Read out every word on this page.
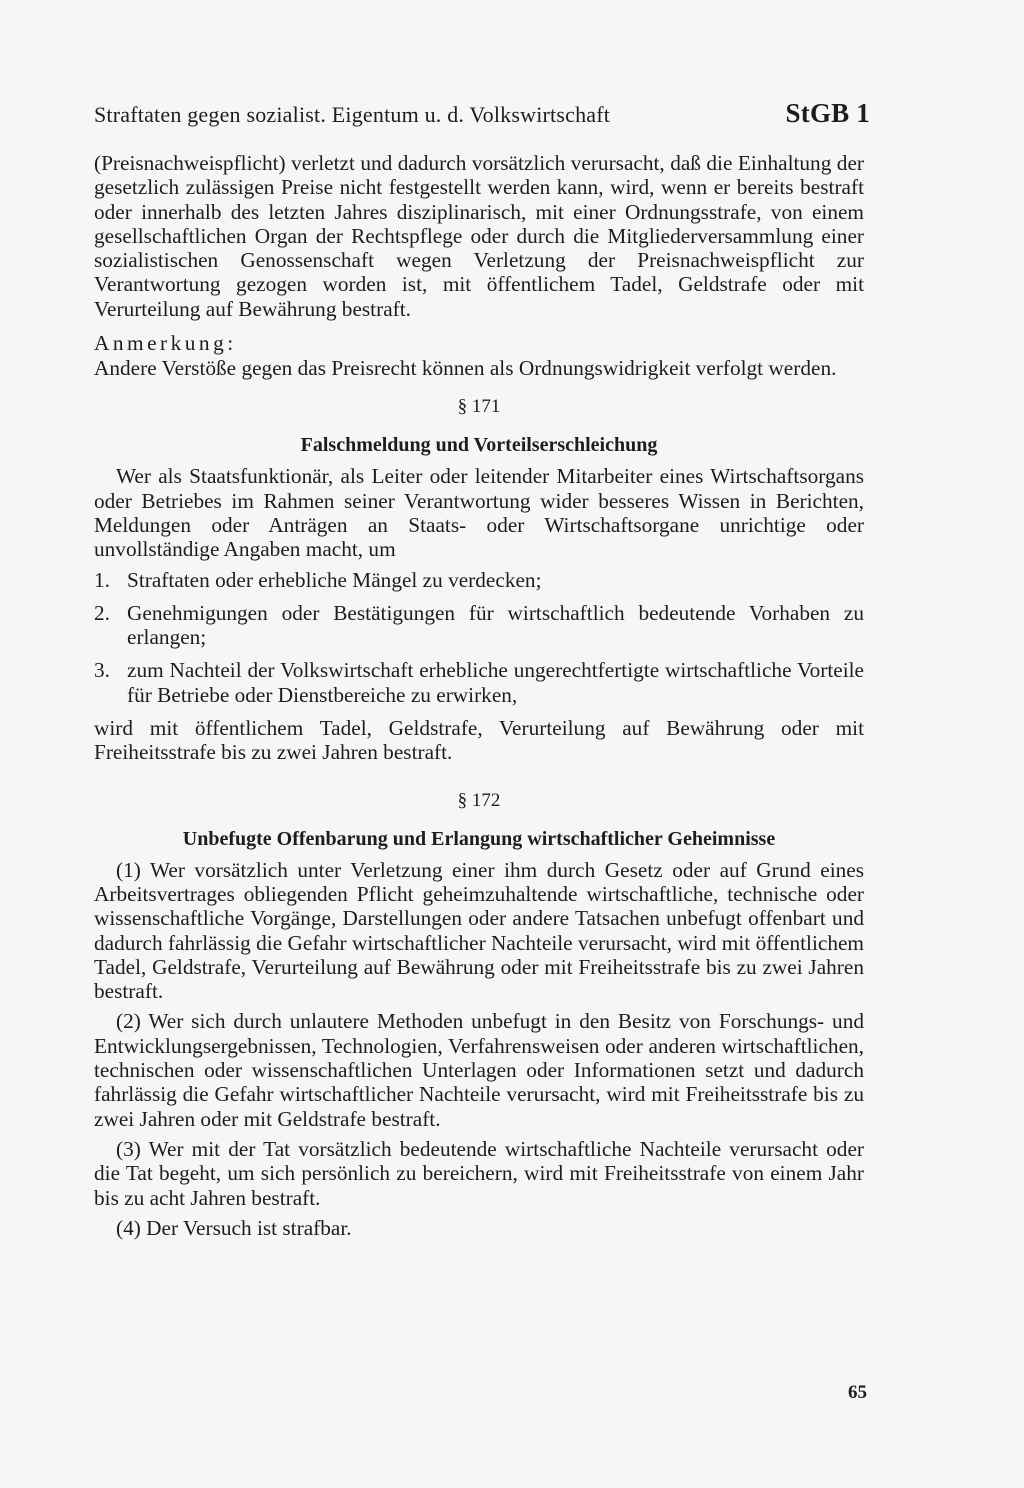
Straftaten gegen sozialist. Eigentum u. d. Volkswirtschaft	StGB 1

(Preisnachweispflicht) verletzt und dadurch vorsätzlich verursacht, daß die Einhaltung der gesetzlich zulässigen Preise nicht festgestellt werden kann, wird, wenn er bereits bestraft oder innerhalb des letzten Jahres disziplinarisch, mit einer Ordnungsstrafe, von einem gesellschaftlichen Organ der Rechtspflege oder durch die Mitgliederversammlung einer sozialistischen Genossenschaft wegen Verletzung der Preisnachweispflicht zur Verantwortung gezogen worden ist, mit öffentlichem Tadel, Geldstrafe oder mit Verurteilung auf Bewährung bestraft.

Anmerkung:

Andere Verstöße gegen das Preisrecht können als Ordnungswidrigkeit verfolgt werden.

§ 171

Falschmeldung und Vorteilserschleichung

Wer als Staatsfunktionär, als Leiter oder leitender Mitarbeiter eines Wirtschaftsorgans oder Betriebes im Rahmen seiner Verantwortung wider besseres Wissen in Berichten, Meldungen oder Anträgen an Staats- oder Wirtschaftsorgane unrichtige oder unvollständige Angaben macht, um

1. Straftaten oder erhebliche Mängel zu verdecken;
2. Genehmigungen oder Bestätigungen für wirtschaftlich bedeutende Vorhaben zu erlangen;
3. zum Nachteil der Volkswirtschaft erhebliche ungerechtfertigte wirtschaftliche Vorteile für Betriebe oder Dienstbereiche zu erwirken,

wird mit öffentlichem Tadel, Geldstrafe, Verurteilung auf Bewährung oder mit Freiheitsstrafe bis zu zwei Jahren bestraft.

§ 172

Unbefugte Offenbarung und Erlangung wirtschaftlicher Geheimnisse

(1) Wer vorsätzlich unter Verletzung einer ihm durch Gesetz oder auf Grund eines Arbeitsvertrages obliegenden Pflicht geheimzuhaltende wirtschaftliche, technische oder wissenschaftliche Vorgänge, Darstellungen oder andere Tatsachen unbefugt offenbart und dadurch fahrlässig die Gefahr wirtschaftlicher Nachteile verursacht, wird mit öffentlichem Tadel, Geldstrafe, Verurteilung auf Bewährung oder mit Freiheitsstrafe bis zu zwei Jahren bestraft.

(2) Wer sich durch unlautere Methoden unbefugt in den Besitz von Forschungs- und Entwicklungsergebnissen, Technologien, Verfahrensweisen oder anderen wirtschaftlichen, technischen oder wissenschaftlichen Unterlagen oder Informationen setzt und dadurch fahrlässig die Gefahr wirtschaftlicher Nachteile verursacht, wird mit Freiheitsstrafe bis zu zwei Jahren oder mit Geldstrafe bestraft.

(3) Wer mit der Tat vorsätzlich bedeutende wirtschaftliche Nachteile verursacht oder die Tat begeht, um sich persönlich zu bereichern, wird mit Freiheitsstrafe von einem Jahr bis zu acht Jahren bestraft.

(4) Der Versuch ist strafbar.

65
